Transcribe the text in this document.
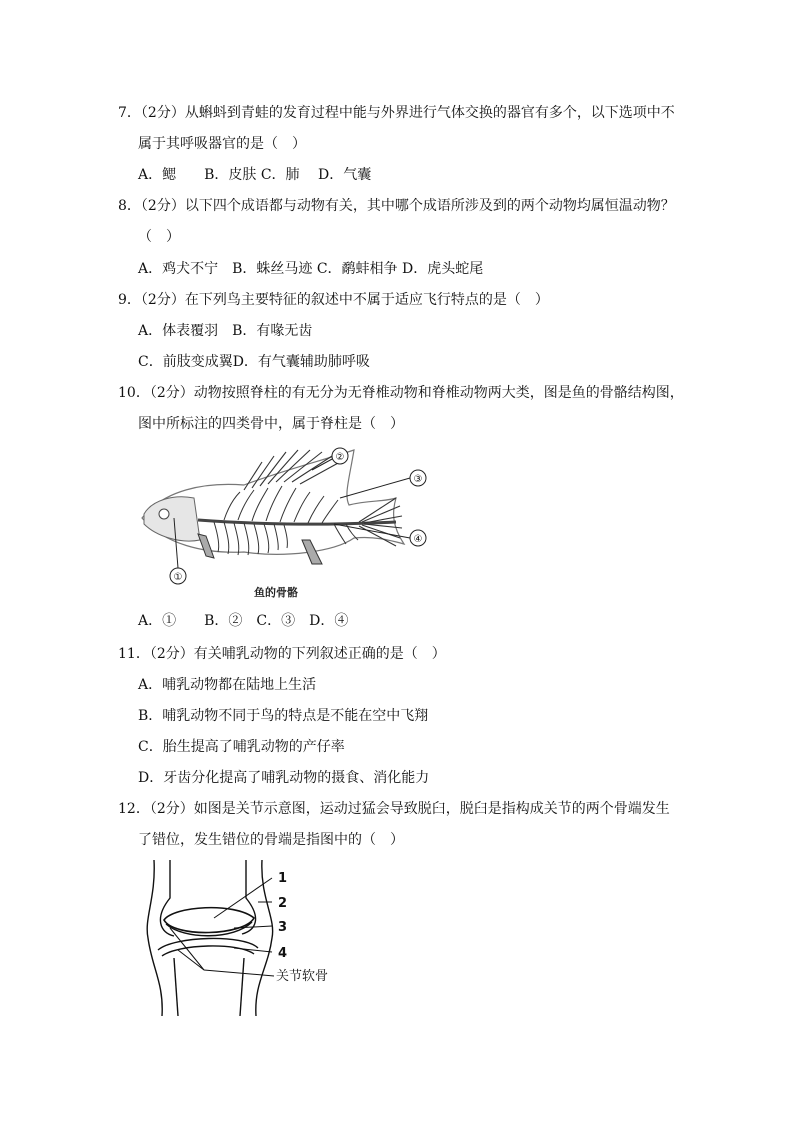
7．（2分）从蝌蚪到青蛙的发育过程中能与外界进行气体交换的器官有多个，以下选项中不
属于其呼吸器官的是（　）
A．鳃　　B．皮肤 C．肺　 D．气囊
8．（2分）以下四个成语都与动物有关，其中哪个成语所涉及到的两个动物均属恒温动物？
（　）
A．鸡犬不宁　B．蛛丝马迹 C．鹬蚌相争 D．虎头蛇尾
9．（2分）在下列鸟主要特征的叙述中不属于适应飞行特点的是（　）
A．体表覆羽　B．有喙无齿
C．前肢变成翼D．有气囊辅助肺呼吸
10．（2分）动物按照脊柱的有无分为无脊椎动物和脊椎动物两大类，图是鱼的骨骼结构图，
图中所标注的四类骨中，属于脊柱是（　）
①
②
③
④
鱼的骨骼
A．①　　B．②　C．③　D．④
11．（2分）有关哺乳动物的下列叙述正确的是（　）
A．哺乳动物都在陆地上生活
B．哺乳动物不同于鸟的特点是不能在空中飞翔
C．胎生提高了哺乳动物的产仔率
D．牙齿分化提高了哺乳动物的摄食、消化能力
12．（2分）如图是关节示意图，运动过猛会导致脱臼，脱臼是指构成关节的两个骨端发生
了错位，发生错位的骨端是指图中的（　）
1
2
3
4
关节软骨
